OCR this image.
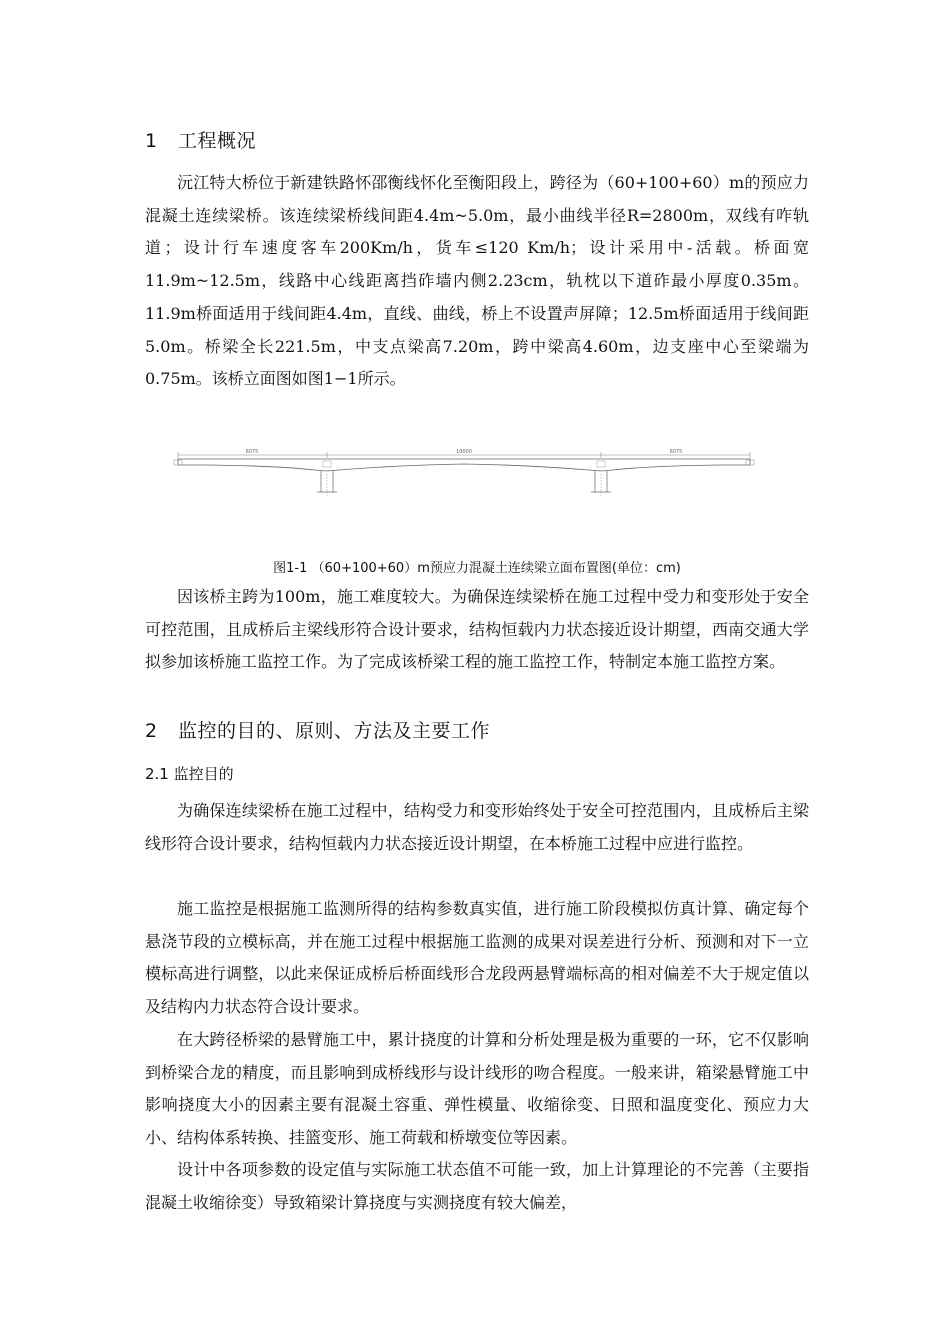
1 工程概况

沅江特大桥位于新建铁路怀邵衡线怀化至衡阳段上，跨径为（60+100+60）m的预应力混凝土连续梁桥。该连续梁桥线间距4.4m~5.0m，最小曲线半径R=2800m，双线有咋轨道；设计行车速度客车200Km/h，货车≤120 Km/h；设计采用中-活载。桥面宽11.9m~12.5m，线路中心线距离挡砟墙内侧2.23cm，轨枕以下道砟最小厚度0.35m。11.9m桥面适用于线间距4.4m，直线、曲线，桥上不设置声屏障；12.5m桥面适用于线间距5.0m。桥梁全长221.5m，中支点梁高7.20m，跨中梁高4.60m，边支座中心至梁端为0.75m。该桥立面图如图1−1所示。

6075	10000	6075
图1-1 （60+100+60）m预应力混凝土连续梁立面布置图(单位：cm)

因该桥主跨为100m，施工难度较大。为确保连续梁桥在施工过程中受力和变形处于安全可控范围，且成桥后主梁线形符合设计要求，结构恒载内力状态接近设计期望，西南交通大学拟参加该桥施工监控工作。为了完成该桥梁工程的施工监控工作，特制定本施工监控方案。

2 监控的目的、原则、方法及主要工作
2.1 监控目的

为确保连续梁桥在施工过程中，结构受力和变形始终处于安全可控范围内，且成桥后主梁线形符合设计要求，结构恒载内力状态接近设计期望，在本桥施工过程中应进行监控。

施工监控是根据施工监测所得的结构参数真实值，进行施工阶段模拟仿真计算、确定每个悬浇节段的立模标高，并在施工过程中根据施工监测的成果对误差进行分析、预测和对下一立模标高进行调整，以此来保证成桥后桥面线形合龙段两悬臂端标高的相对偏差不大于规定值以及结构内力状态符合设计要求。

在大跨径桥梁的悬臂施工中，累计挠度的计算和分析处理是极为重要的一环，它不仅影响到桥梁合龙的精度，而且影响到成桥线形与设计线形的吻合程度。一般来讲，箱梁悬臂施工中影响挠度大小的因素主要有混凝土容重、弹性模量、收缩徐变、日照和温度变化、预应力大小、结构体系转换、挂篮变形、施工荷载和桥墩变位等因素。

设计中各项参数的设定值与实际施工状态值不可能一致，加上计算理论的不完善（主要指混凝土收缩徐变）导致箱梁计算挠度与实测挠度有较大偏差，
